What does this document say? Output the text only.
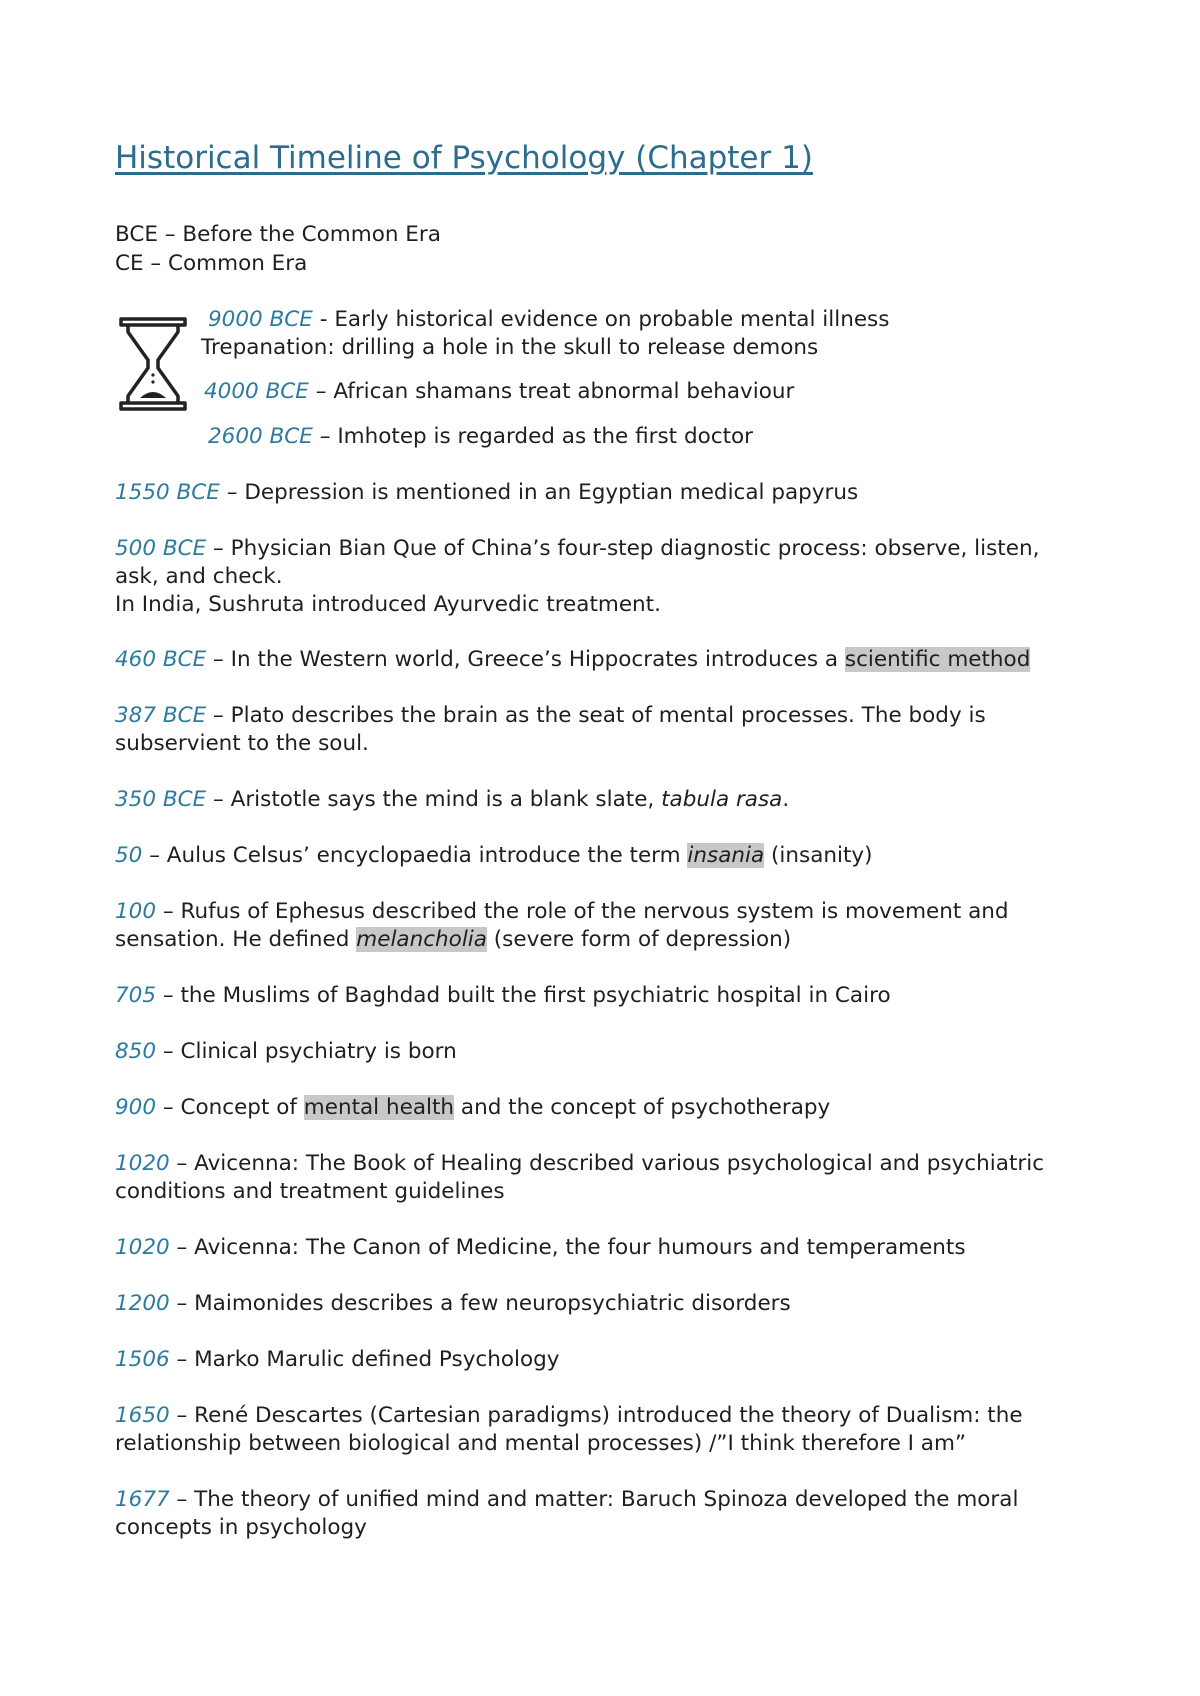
Historical Timeline of Psychology (Chapter 1)
BCE – Before the Common Era
CE – Common Era
9000 BCE - Early historical evidence on probable mental illness
Trepanation: drilling a hole in the skull to release demons
4000 BCE – African shamans treat abnormal behaviour
2600 BCE – Imhotep is regarded as the first doctor
1550 BCE – Depression is mentioned in an Egyptian medical papyrus

500 BCE – Physician Bian Que of China’s four-step diagnostic process: observe, listen, ask, and check.

In India, Sushruta introduced Ayurvedic treatment.

460 BCE – In the Western world, Greece’s Hippocrates introduces a scientific method
387 BCE – Plato describes the brain as the seat of mental processes. The body is subservient to the soul.
350 BCE – Aristotle says the mind is a blank slate, tabula rasa.
50 – Aulus Celsus’ encyclopaedia introduce the term insania (insanity)
100 – Rufus of Ephesus described the role of the nervous system is movement and sensation. He defined melancholia (severe form of depression)
705 – the Muslims of Baghdad built the first psychiatric hospital in Cairo
850 – Clinical psychiatry is born
900 – Concept of mental health and the concept of psychotherapy
1020 – Avicenna: The Book of Healing described various psychological and psychiatric conditions and treatment guidelines
1020 – Avicenna: The Canon of Medicine, the four humours and temperaments
1200 – Maimonides describes a few neuropsychiatric disorders
1506 – Marko Marulic defined Psychology
1650 – René Descartes (Cartesian paradigms) introduced the theory of Dualism: the relationship between biological and mental processes) /”I think therefore I am”
1677 – The theory of unified mind and matter: Baruch Spinoza developed the moral concepts in psychology
